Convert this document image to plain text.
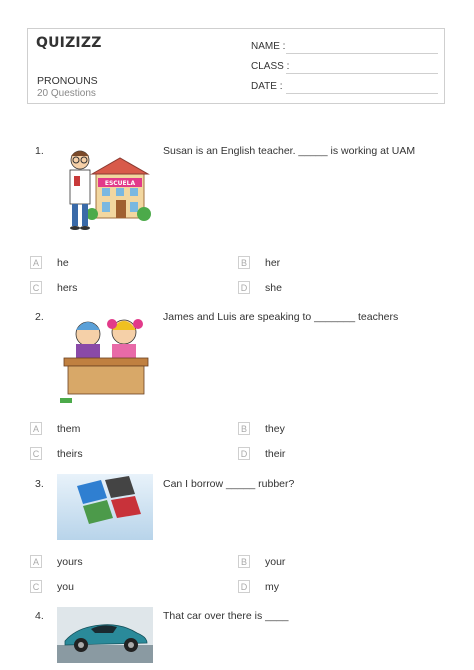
QUIZIZZ
PRONOUNS
20 Questions
NAME :
CLASS :
DATE :
1.	Susan is an English teacher. _____ is working at UAM
ESCUELA
A he	B her
C hers	D she
2.	James and Luis are speaking to _______ teachers
A them	B they
C theirs	D their
3.	Can I borrow _____ rubber?
A yours	B your
C you	D my
4.	That car over there is ____
